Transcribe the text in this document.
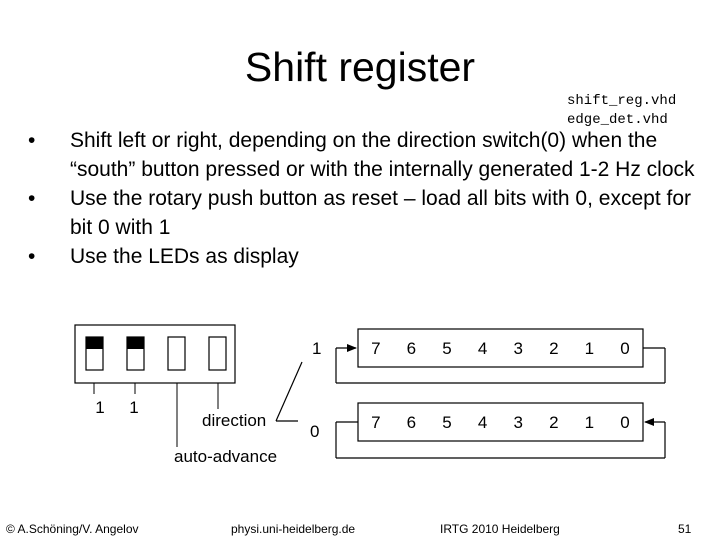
Shift register
shift_reg.vhd
edge_det.vhd
• Shift left or right, depending on the direction switch(0) when the “south” button pressed or with the internally generated 1-2 Hz clock
• Use the rotary push button as reset – load all bits with 0, except for bit 0 with 1
• Use the LEDs as display
1 1
direction
auto-advance
1
0
7 6 5 4 3 2 1 0
7 6 5 4 3 2 1 0
© A.Schöning/V. Angelov	physi.uni-heidelberg.de	IRTG 2010 Heidelberg	51
